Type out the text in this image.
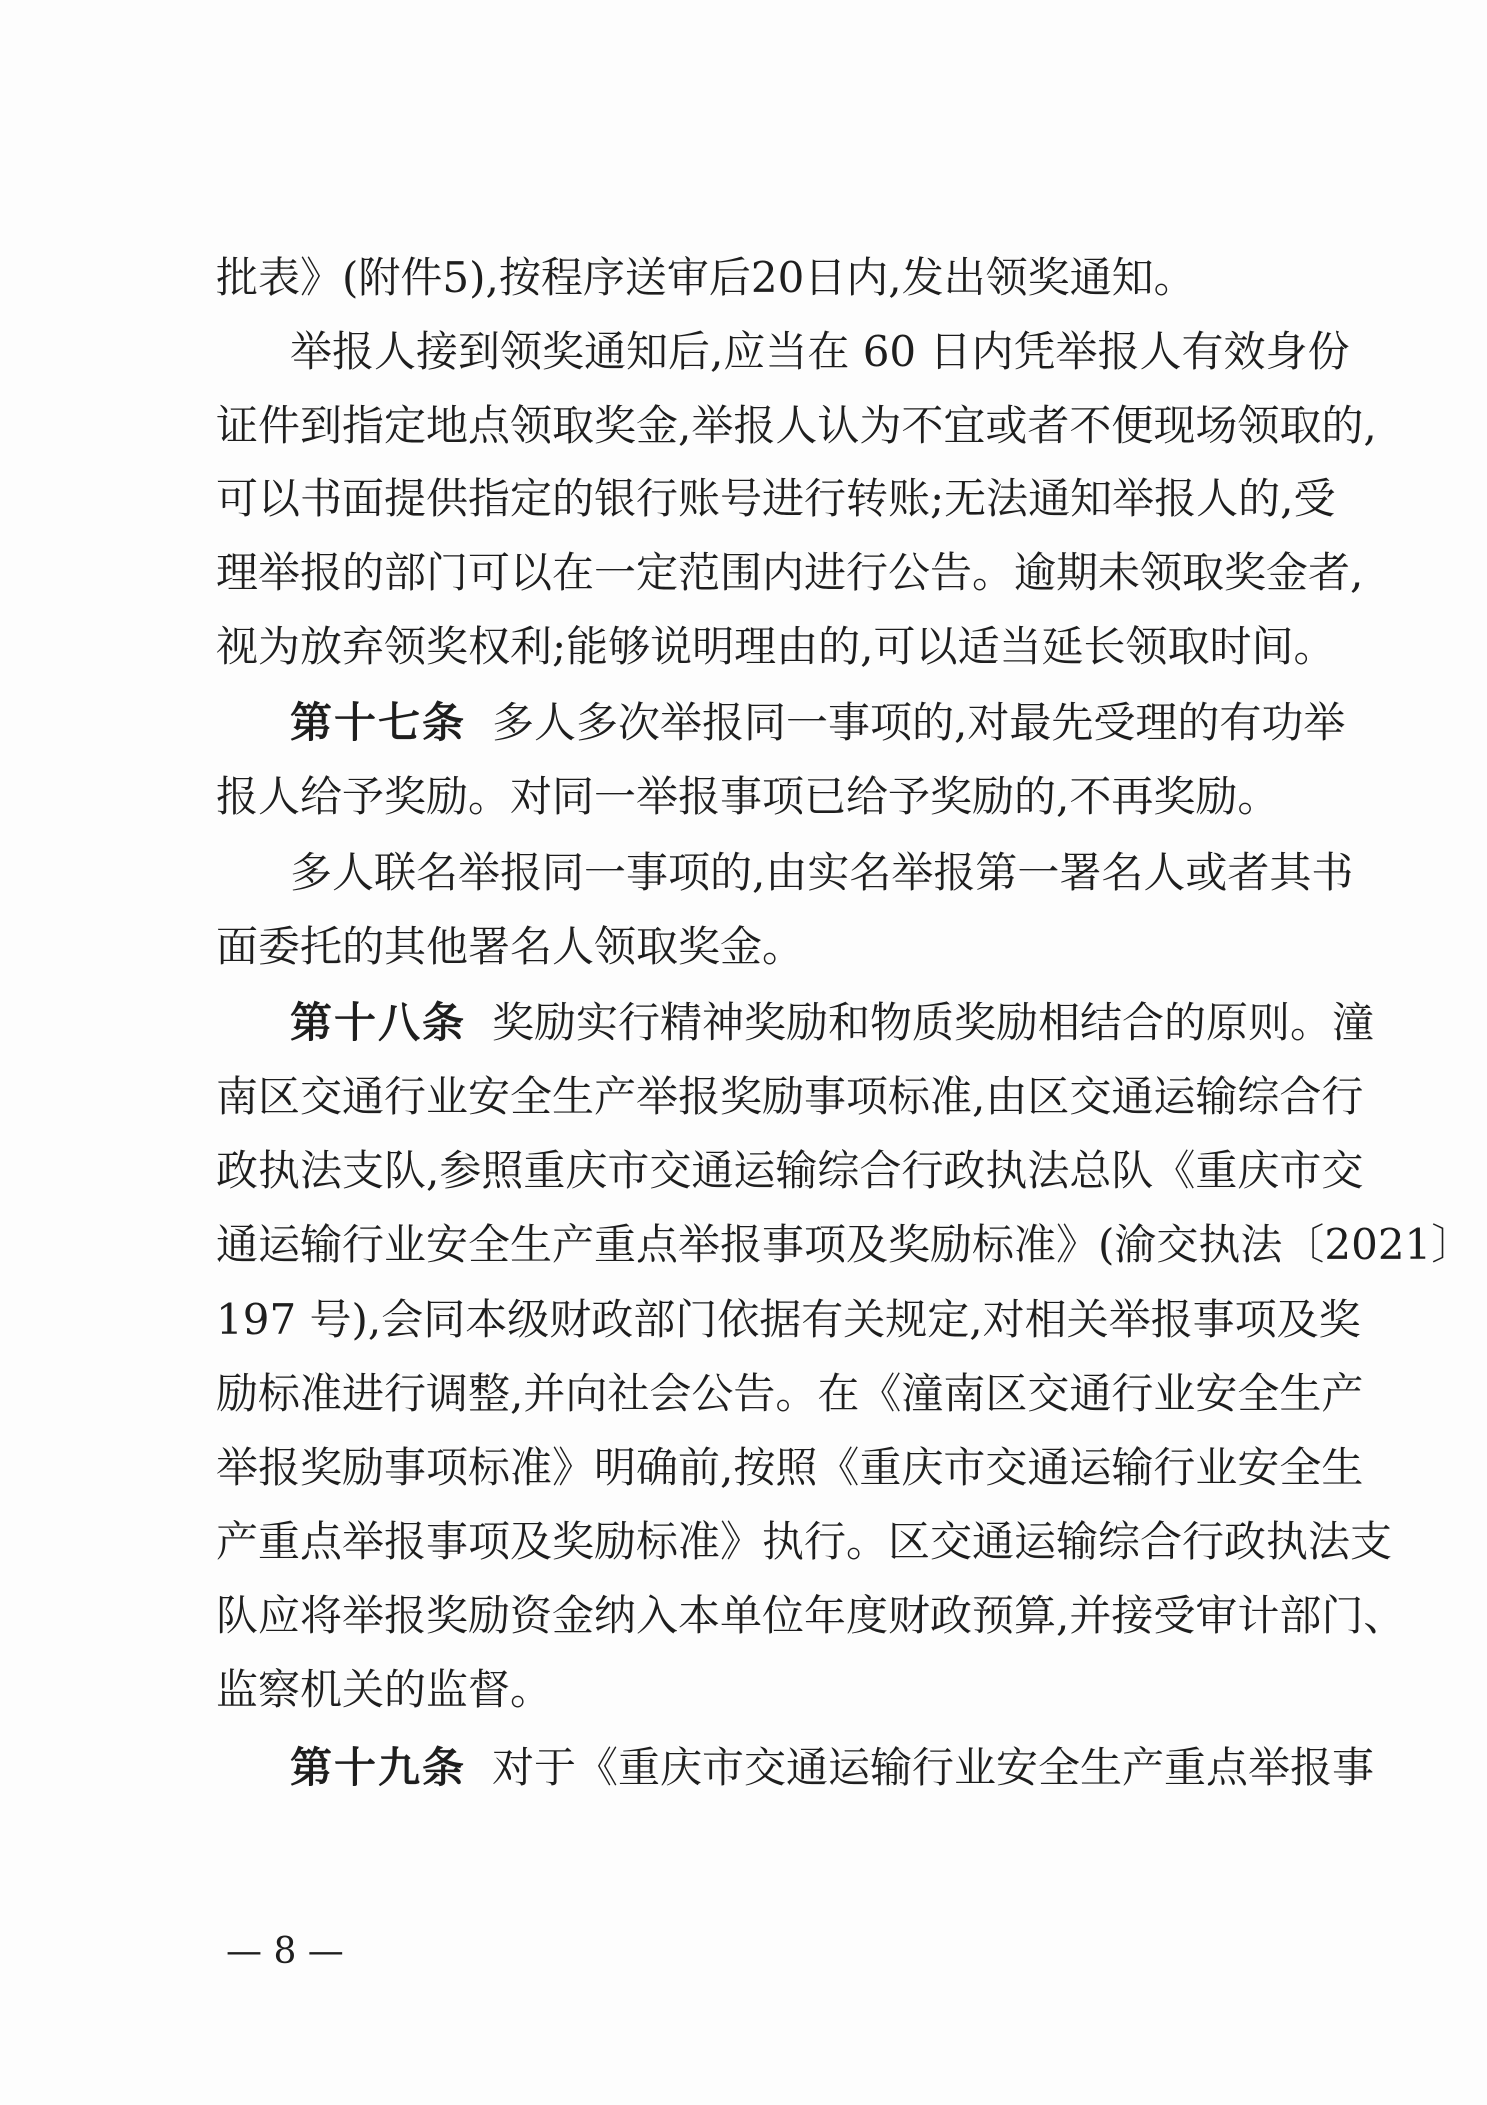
批表》(附件5),按程序送审后20日内,发出领奖通知。
举报人接到领奖通知后,应当在 60 日内凭举报人有效身份
证件到指定地点领取奖金,举报人认为不宜或者不便现场领取的,
可以书面提供指定的银行账号进行转账;无法通知举报人的,受
理举报的部门可以在一定范围内进行公告。逾期未领取奖金者,
视为放弃领奖权利;能够说明理由的,可以适当延长领取时间。
第十七条 多人多次举报同一事项的,对最先受理的有功举
报人给予奖励。对同一举报事项已给予奖励的,不再奖励。
多人联名举报同一事项的,由实名举报第一署名人或者其书
面委托的其他署名人领取奖金。
第十八条 奖励实行精神奖励和物质奖励相结合的原则。潼
南区交通行业安全生产举报奖励事项标准,由区交通运输综合行
政执法支队,参照重庆市交通运输综合行政执法总队《重庆市交
通运输行业安全生产重点举报事项及奖励标准》(渝交执法〔2021〕
197 号),会同本级财政部门依据有关规定,对相关举报事项及奖
励标准进行调整,并向社会公告。在《潼南区交通行业安全生产
举报奖励事项标准》明确前,按照《重庆市交通运输行业安全生
产重点举报事项及奖励标准》执行。区交通运输综合行政执法支
队应将举报奖励资金纳入本单位年度财政预算,并接受审计部门、
监察机关的监督。
第十九条 对于《重庆市交通运输行业安全生产重点举报事
— 8 —
